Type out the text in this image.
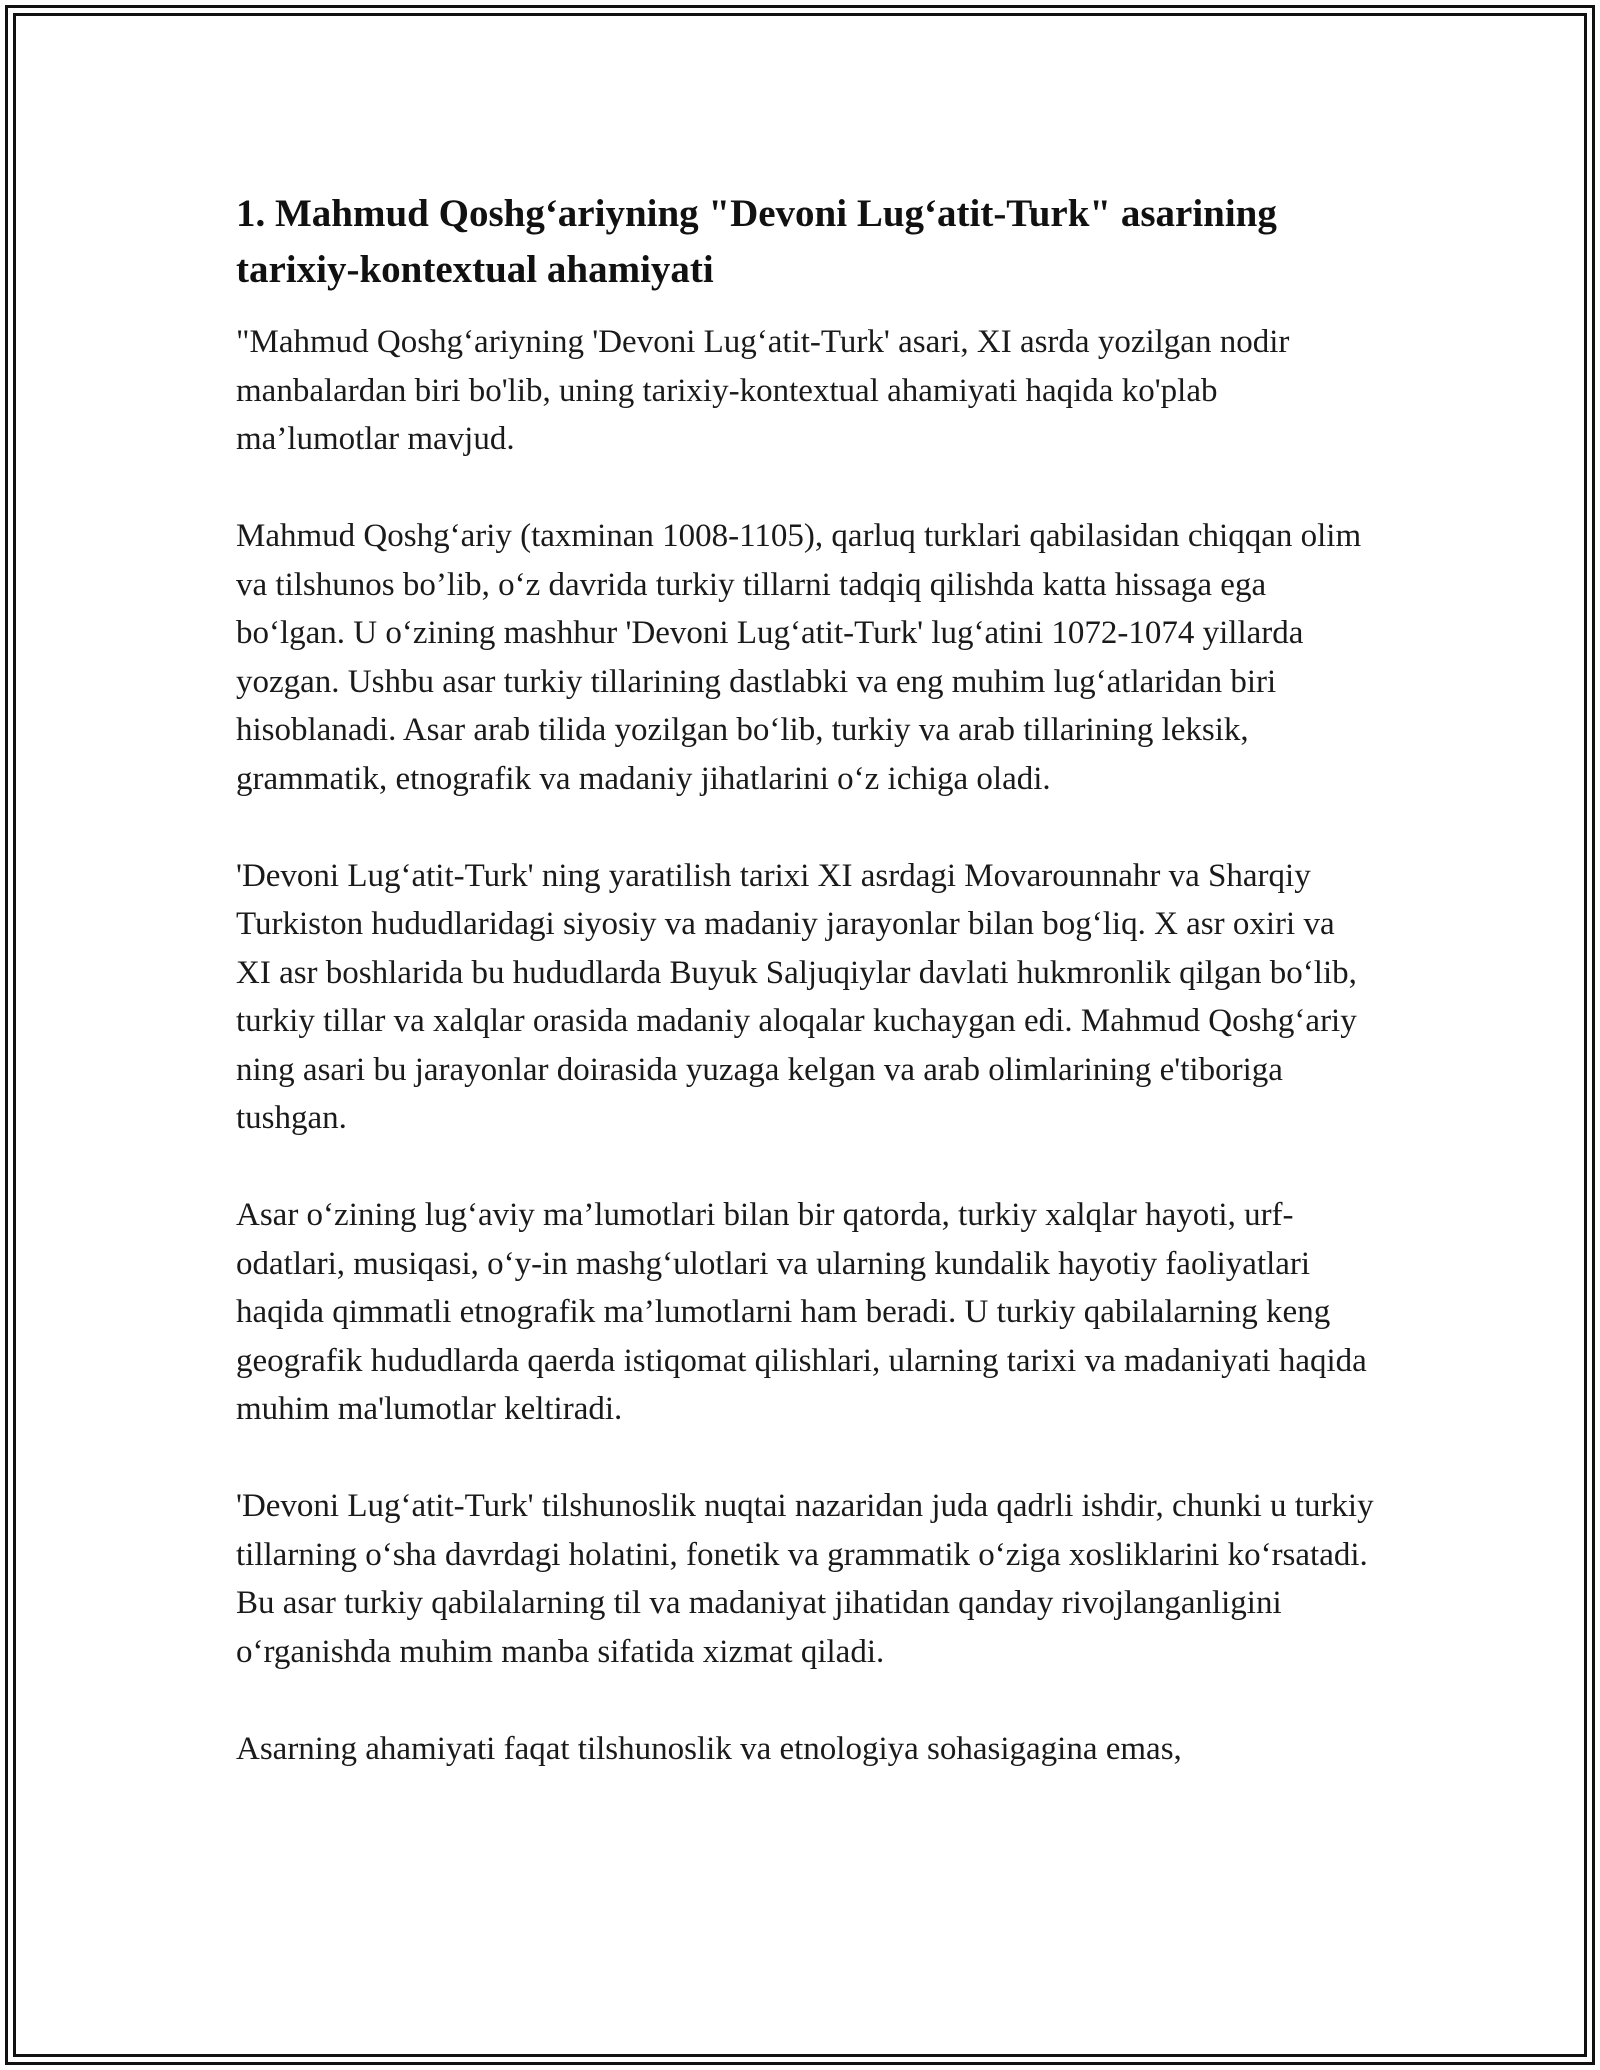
1. Mahmud Qoshg‘ariyning "Devoni Lug‘atit-Turk" asarining tarixiy-kontextual ahamiyati

"Mahmud Qoshg‘ariyning 'Devoni Lug‘atit-Turk' asari, XI asrda yozilgan nodir manbalardan biri bo'lib, uning tarixiy-kontextual ahamiyati haqida ko'plab ma’lumotlar mavjud.

Mahmud Qoshg‘ariy (taxminan 1008-1105), qarluq turklari qabilasidan chiqqan olim va tilshunos bo’lib, o‘z davrida turkiy tillarni tadqiq qilishda katta hissaga ega bo‘lgan. U o‘zining mashhur 'Devoni Lug‘atit-Turk' lug‘atini 1072-1074 yillarda yozgan. Ushbu asar turkiy tillarining dastlabki va eng muhim lug‘atlaridan biri hisoblanadi. Asar arab tilida yozilgan bo‘lib, turkiy va arab tillarining leksik, grammatik, etnografik va madaniy jihatlarini o‘z ichiga oladi.

'Devoni Lug‘atit-Turk' ning yaratilish tarixi XI asrdagi Movarounnahr va Sharqiy Turkiston hududlaridagi siyosiy va madaniy jarayonlar bilan bog‘liq. X asr oxiri va XI asr boshlarida bu hududlarda Buyuk Saljuqiylar davlati hukmronlik qilgan bo‘lib, turkiy tillar va xalqlar orasida madaniy aloqalar kuchaygan edi. Mahmud Qoshg‘ariy ning asari bu jarayonlar doirasida yuzaga kelgan va arab olimlarining e'tiboriga tushgan.

Asar o‘zining lug‘aviy ma’lumotlari bilan bir qatorda, turkiy xalqlar hayoti, urf-odatlari, musiqasi, o‘y-in mashg‘ulotlari va ularning kundalik hayotiy faoliyatlari haqida qimmatli etnografik ma’lumotlarni ham beradi. U turkiy qabilalarning keng geografik hududlarda qaerda istiqomat qilishlari, ularning tarixi va madaniyati haqida muhim ma'lumotlar keltiradi.

'Devoni Lug‘atit-Turk' tilshunoslik nuqtai nazaridan juda qadrli ishdir, chunki u turkiy tillarning o‘sha davrdagi holatini, fonetik va grammatik o‘ziga xosliklarini ko‘rsatadi. Bu asar turkiy qabilalarning til va madaniyat jihatidan qanday rivojlanganligini o‘rganishda muhim manba sifatida xizmat qiladi.

Asarning ahamiyati faqat tilshunoslik va etnologiya sohasigagina emas,
